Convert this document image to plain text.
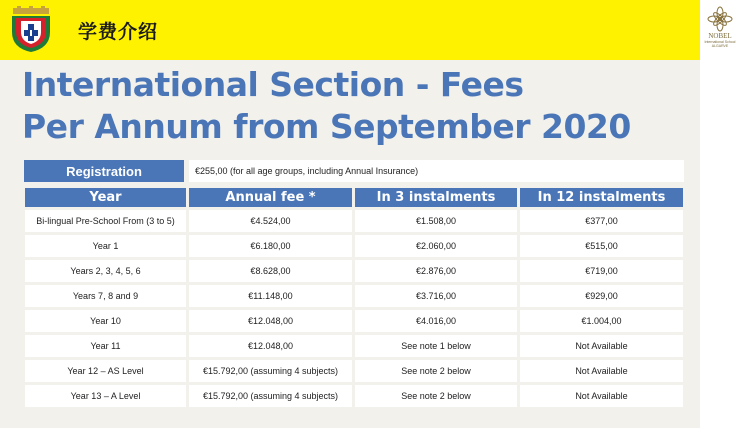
学费介绍	NOBEL
International School ALGARVE
International Section - Fees
Per Annum from September 2020
Registration	€255,00 (for all age groups, including Annual Insurance)
Year	Annual fee *	In 3 instalments	In 12 instalments
Bi-lingual Pre-School From (3 to 5)	€4.524,00	€1.508,00	€377,00
Year 1	€6.180,00	€2.060,00	€515,00
Years 2, 3, 4, 5, 6	€8.628,00	€2.876,00	€719,00
Years 7, 8 and 9	€11.148,00	€3.716,00	€929,00
Year 10	€12.048,00	€4.016,00	€1.004,00
Year 11	€12.048,00	See note 1 below	Not Available
Year 12 – AS Level	€15.792,00 (assuming 4 subjects)	See note 2 below	Not Available
Year 13 – A Level	€15.792,00 (assuming 4 subjects)	See note 2 below	Not Available
